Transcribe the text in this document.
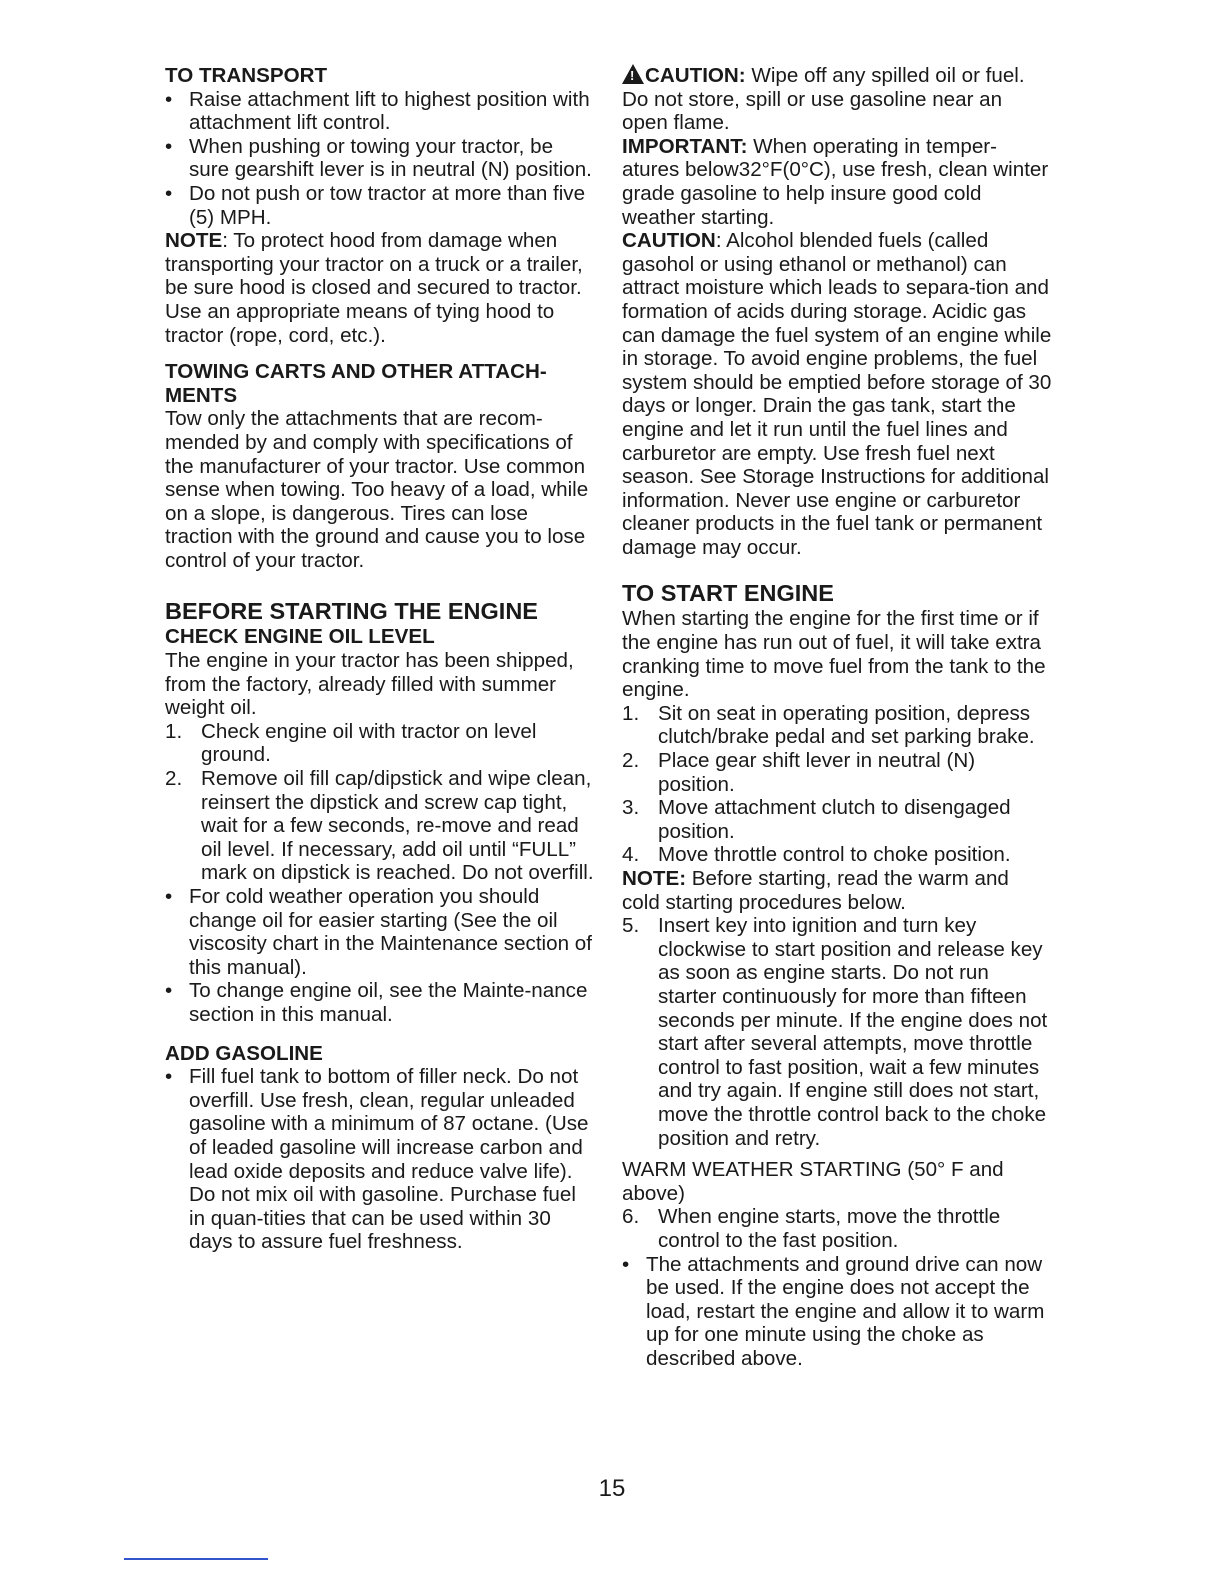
TO TRANSPORT
• Raise attachment lift to highest position with attachment lift control.
• When pushing or towing your tractor, be sure gearshift lever is in neutral (N) position.
• Do not push or tow tractor at more than five (5) MPH.

NOTE: To protect hood from damage when transporting your tractor on a truck or a trailer, be sure hood is closed and secured to tractor. Use an appropriate means of tying hood to tractor (rope, cord, etc.).

TOWING CARTS AND OTHER ATTACH-MENTS

Tow only the attachments that are recom-mended by and comply with specifications of the manufacturer of your tractor. Use common sense when towing. Too heavy of a load, while on a slope, is dangerous. Tires can lose traction with the ground and cause you to lose control of your tractor.

BEFORE STARTING THE ENGINE
CHECK ENGINE OIL LEVEL

The engine in your tractor has been shipped, from the factory, already filled with summer weight oil.

1. Check engine oil with tractor on level ground.
2. Remove oil fill cap/dipstick and wipe clean, reinsert the dipstick and screw cap tight, wait for a few seconds, re-move and read oil level. If necessary, add oil until “FULL” mark on dipstick is reached. Do not overfill.
• For cold weather operation you should change oil for easier starting (See the oil viscosity chart in the Maintenance section of this manual).
• To change engine oil, see the Mainte-nance section in this manual.
ADD GASOLINE
• Fill fuel tank to bottom of filler neck. Do not overfill. Use fresh, clean, regular unleaded gasoline with a minimum of 87 octane. (Use of leaded gasoline will increase carbon and lead oxide deposits and reduce valve life). Do not mix oil with gasoline. Purchase fuel in quan-tities that can be used within 30 days to assure fuel freshness.

!CAUTION: Wipe off any spilled oil or fuel. Do not store, spill or use gasoline near an open flame.

IMPORTANT: When operating in temper-atures below32°F(0°C), use fresh, clean winter grade gasoline to help insure good cold weather starting.

CAUTION: Alcohol blended fuels (called gasohol or using ethanol or methanol) can attract moisture which leads to separa-tion and formation of acids during storage. Acidic gas can damage the fuel system of an engine while in storage. To avoid engine problems, the fuel system should be emptied before storage of 30 days or longer. Drain the gas tank, start the engine and let it run until the fuel lines and carburetor are empty. Use fresh fuel next season. See Storage Instructions for additional information. Never use engine or carburetor cleaner products in the fuel tank or permanent damage may occur.

TO START ENGINE

When starting the engine for the first time or if the engine has run out of fuel, it will take extra cranking time to move fuel from the tank to the engine.

1. Sit on seat in operating position, depress clutch/brake pedal and set parking brake.
2. Place gear shift lever in neutral (N) position.
3. Move attachment clutch to disengaged position.
4. Move throttle control to choke position.

NOTE: Before starting, read the warm and cold starting procedures below.

5. Insert key into ignition and turn key clockwise to start position and release key as soon as engine starts. Do not run starter continuously for more than fifteen seconds per minute. If the engine does not start after several attempts, move throttle control to fast position, wait a few minutes and try again. If engine still does not start, move the throttle control back to the choke position and retry.

WARM WEATHER STARTING (50° F and above)

6. When engine starts, move the throttle control to the fast position.
• The attachments and ground drive can now be used. If the engine does not accept the load, restart the engine and allow it to warm up for one minute using the choke as described above.
15
